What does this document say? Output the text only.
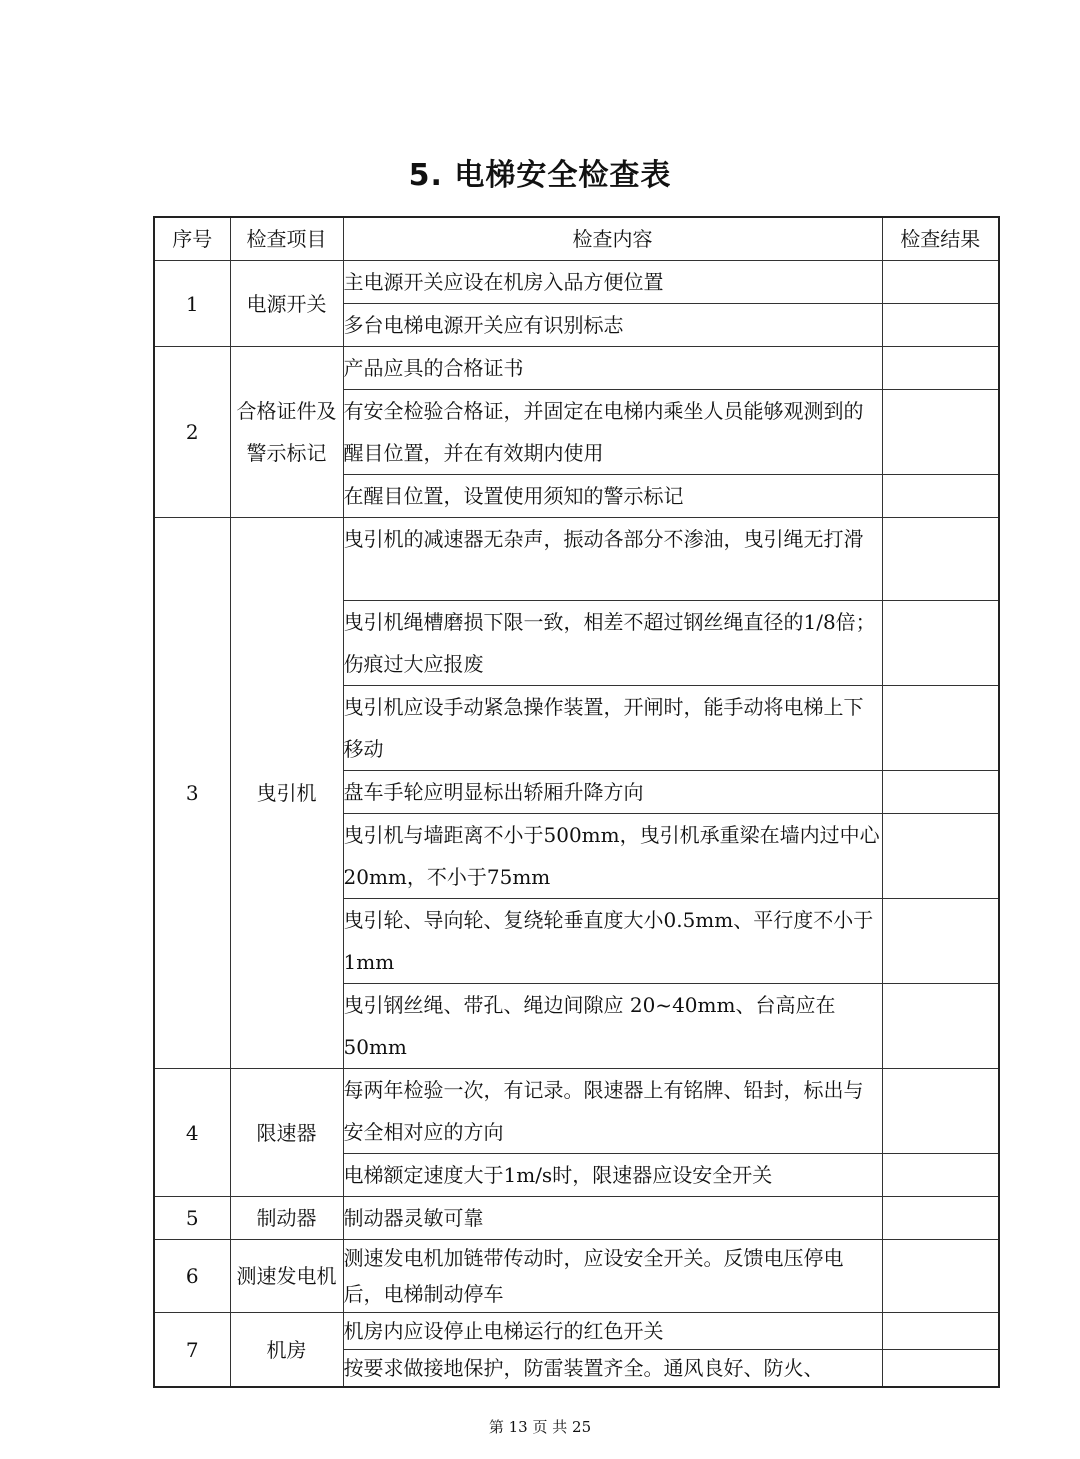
5. 电梯安全检查表
序号	检查项目	检查内容	检查结果
1	电源开关	主电源开关应设在机房入品方便位置	
		多台电梯电源开关应有识别标志	
2	合格证件及警示标记	产品应具的合格证书	
		有安全检验合格证，并固定在电梯内乘坐人员能够观测到的醒目位置，并在有效期内使用	
		在醒目位置，设置使用须知的警示标记	
3	曳引机	曳引机的减速器无杂声，振动各部分不渗油，曳引绳无打滑	
		曳引机绳槽磨损下限一致，相差不超过钢丝绳直径的1/8倍；伤痕过大应报废	
		曳引机应设手动紧急操作装置，开闸时，能手动将电梯上下移动	
		盘车手轮应明显标出轿厢升降方向	
		曳引机与墙距离不小于500mm，曳引机承重梁在墙内过中心20mm，不小于75mm	
		曳引轮、导向轮、复绕轮垂直度大小0.5mm、平行度不小于1mm	
		曳引钢丝绳、带孔、绳边间隙应 20~40mm、台高应在50mm	
4	限速器	每两年检验一次，有记录。限速器上有铭牌、铅封，标出与安全相对应的方向	
		电梯额定速度大于1m/s时，限速器应设安全开关	
5	制动器	制动器灵敏可靠	
6	测速发电机	测速发电机加链带传动时，应设安全开关。反馈电压停电后，电梯制动停车	
7	机房	机房内应设停止电梯运行的红色开关	
		按要求做接地保护，防雷装置齐全。通风良好、防火、	
第 13 页 共 25
